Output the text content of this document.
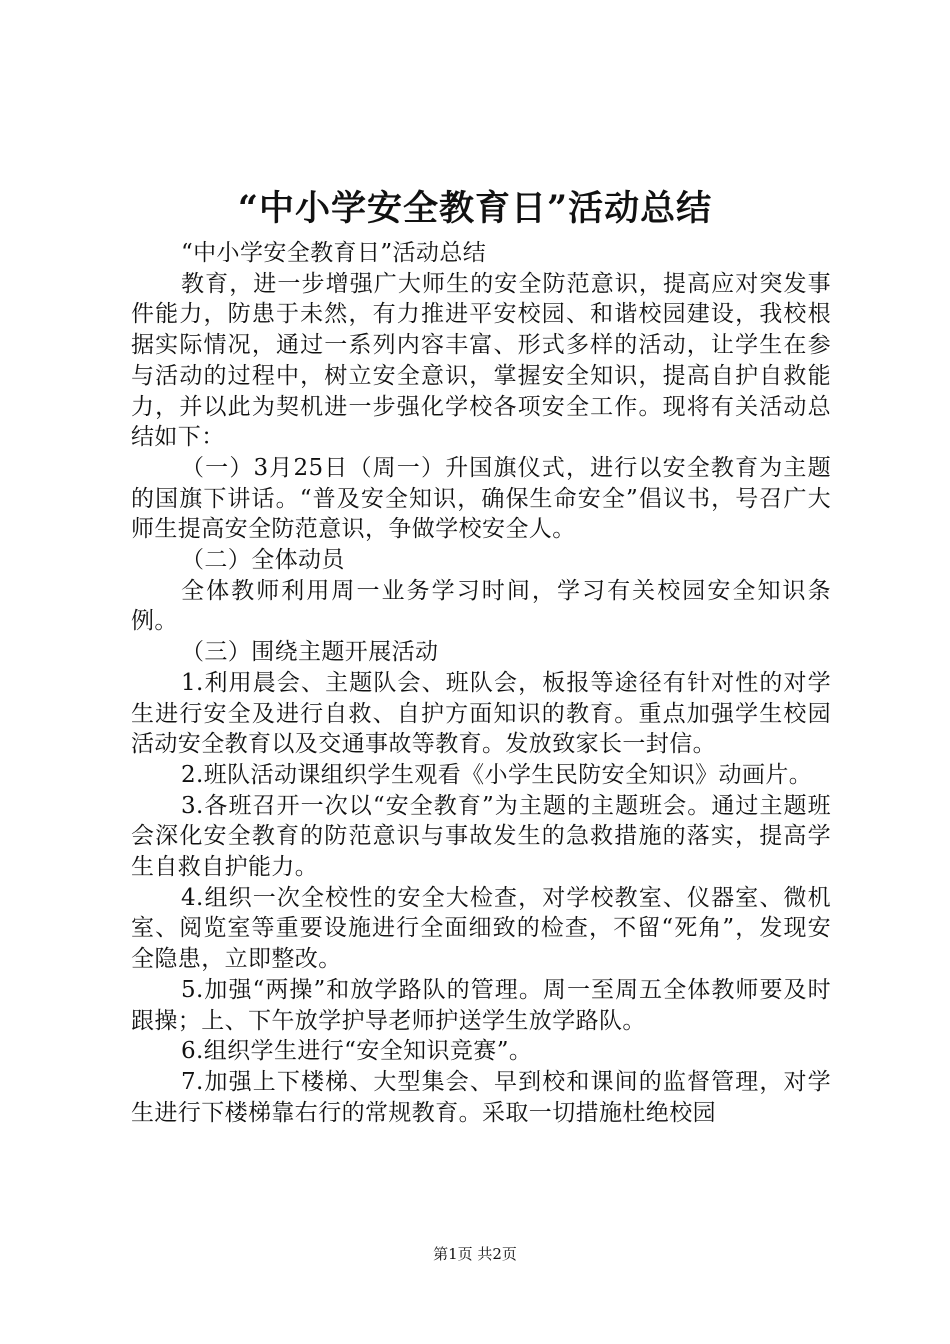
“中小学安全教育日”活动总结

“中小学安全教育日”活动总结

教育，进一步增强广大师生的安全防范意识，提高应对突发事件能力，防患于未然，有力推进平安校园、和谐校园建设，我校根据实际情况，通过一系列内容丰富、形式多样的活动，让学生在参与活动的过程中，树立安全意识，掌握安全知识，提高自护自救能力，并以此为契机进一步强化学校各项安全工作。现将有关活动总结如下：

（一）3月25日（周一）升国旗仪式，进行以安全教育为主题的国旗下讲话。“普及安全知识，确保生命安全”倡议书，号召广大师生提高安全防范意识，争做学校安全人。

（二）全体动员

全体教师利用周一业务学习时间，学习有关校园安全知识条例。

（三）围绕主题开展活动

1.利用晨会、主题队会、班队会，板报等途径有针对性的对学生进行安全及进行自救、自护方面知识的教育。重点加强学生校园活动安全教育以及交通事故等教育。发放致家长一封信。

2.班队活动课组织学生观看《小学生民防安全知识》动画片。

3.各班召开一次以“安全教育”为主题的主题班会。通过主题班会深化安全教育的防范意识与事故发生的急救措施的落实，提高学生自救自护能力。

4.组织一次全校性的安全大检查，对学校教室、仪器室、微机室、阅览室等重要设施进行全面细致的检查，不留“死角”，发现安全隐患，立即整改。

5.加强“两操”和放学路队的管理。周一至周五全体教师要及时跟操；上、下午放学护导老师护送学生放学路队。

6.组织学生进行“安全知识竞赛”。

7.加强上下楼梯、大型集会、早到校和课间的监督管理，对学生进行下楼梯靠右行的常规教育。采取一切措施杜绝校园

第1页 共2页
